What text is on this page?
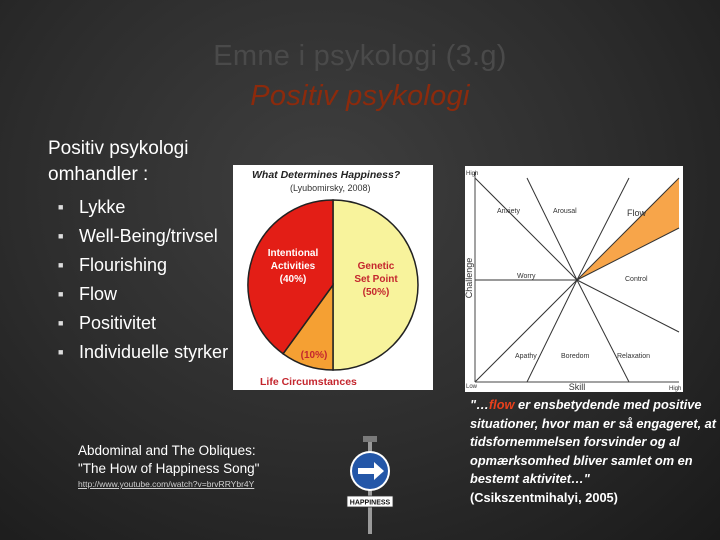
Emne i psykologi (3.g)
Positiv psykologi
Positiv psykologi omhandler :
■ Lykke
■ Well-Being/trivsel
■ Flourishing
■ Flow
■ Positivitet
■ Individuelle styrker
What Determines Happiness?
(Lyubomirsky, 2008)
Genetic
Set Point
(50%)
Intentional
Activities
(40%)
(10%)
Life Circumstances
High
Low	High
Challenge
Skill
Anxiety	Arousal	Flow
Worry	Control
Apathy	Boredom	Relaxation
Abdominal and The Obliques:
"The How of Happiness Song"
http://www.youtube.com/watch?v=brvRRYbr4Y
HAPPINESS
"…flow er ensbetydende med positive situationer, hvor man er så engageret, at tidsfornemmelsen forsvinder og al opmærksomhed bliver samlet om en bestemt aktivitet…"
(Csikszentmihalyi, 2005)
